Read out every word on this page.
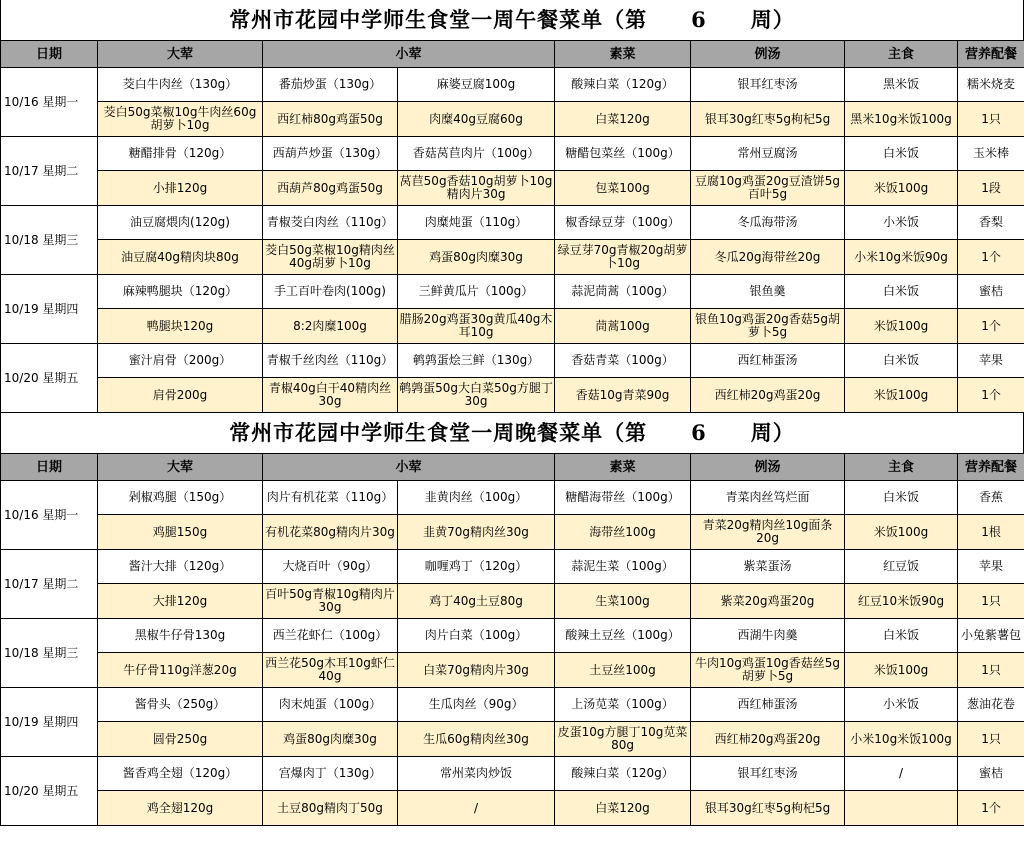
常州市花园中学师生食堂一周午餐菜单（第　　6　　周）
日期	大荤	小荤		素菜	例汤	主食	营养配餐
10/16 星期一	茭白牛肉丝（130g）	番茄炒蛋（130g）	麻婆豆腐100g	酸辣白菜（120g）	银耳红枣汤	黑米饭	糯米烧麦
	茭白50g菜椒10g牛肉丝60g胡萝卜10g	西红柿80g鸡蛋50g	肉糜40g豆腐60g	白菜120g	银耳30g红枣5g枸杞5g	黑米10g米饭100g	1只
10/17 星期二	糖醋排骨（120g）	西葫芦炒蛋（130g）	香菇莴苣肉片（100g）	糖醋包菜丝（100g）	常州豆腐汤	白米饭	玉米棒
	小排120g	西葫芦80g鸡蛋50g	莴苣50g香菇10g胡萝卜10g精肉片30g	包菜100g	豆腐10g鸡蛋20g豆渣饼5g百叶5g	米饭100g	1段
10/18 星期三	油豆腐煨肉(120g)	青椒茭白肉丝（110g）	肉糜炖蛋（110g）	椒香绿豆芽（100g）	冬瓜海带汤	小米饭	香梨
	油豆腐40g精肉块80g	茭白50g菜椒10g精肉丝40g胡萝卜10g	鸡蛋80g肉糜30g	绿豆芽70g青椒20g胡萝卜10g	冬瓜20g海带丝20g	小米10g米饭90g	1个
10/19 星期四	麻辣鸭腿块（120g）	手工百叶卷肉(100g)	三鲜黄瓜片（100g）	蒜泥茼蒿（100g）	银鱼羹	白米饭	蜜桔
	鸭腿块120g	8:2肉糜100g	腊肠20g鸡蛋30g黄瓜40g木耳10g	茼蒿100g	银鱼10g鸡蛋20g香菇5g胡萝卜5g	米饭100g	1个
10/20 星期五	蜜汁肩骨（200g）	青椒千丝肉丝（110g）	鹌鹑蛋烩三鲜（130g）	香菇青菜（100g）	西红柿蛋汤	白米饭	苹果
	肩骨200g	青椒40g白干40精肉丝30g	鹌鹑蛋50g大白菜50g方腿丁30g	香菇10g青菜90g	西红柿20g鸡蛋20g	米饭100g	1个
常州市花园中学师生食堂一周晚餐菜单（第　　6　　周）
日期	大荤	小荤		素菜	例汤	主食	营养配餐
10/16 星期一	剁椒鸡腿（150g）	肉片有机花菜（110g）	韭黄肉丝（100g）	糖醋海带丝（100g）	青菜肉丝笃烂面	白米饭	香蕉
	鸡腿150g	有机花菜80g精肉片30g	韭黄70g精肉丝30g	海带丝100g	青菜20g精肉丝10g面条20g	米饭100g	1根
10/17 星期二	酱汁大排（120g）	大烧百叶（90g）	咖喱鸡丁（120g）	蒜泥生菜（100g）	紫菜蛋汤	红豆饭	苹果
	大排120g	百叶50g青椒10g精肉片30g	鸡丁40g土豆80g	生菜100g	紫菜20g鸡蛋20g	红豆10米饭90g	1只
10/18 星期三	黑椒牛仔骨130g	西兰花虾仁（100g）	肉片白菜（100g）	酸辣土豆丝（100g）	西湖牛肉羹	白米饭	小兔紫薯包
	牛仔骨110g洋葱20g	西兰花50g木耳10g虾仁40g	白菜70g精肉片30g	土豆丝100g	牛肉10g鸡蛋10g香菇丝5g胡萝卜5g	米饭100g	1只
10/19 星期四	酱骨头（250g）	肉末炖蛋（100g）	生瓜肉丝（90g）	上汤苋菜（100g）	西红柿蛋汤	小米饭	葱油花卷
	圆骨250g	鸡蛋80g肉糜30g	生瓜60g精肉丝30g	皮蛋10g方腿丁10g苋菜80g	西红柿20g鸡蛋20g	小米10g米饭100g	1只
10/20 星期五	酱香鸡全翅（120g）	宫爆肉丁（130g）	常州菜肉炒饭	酸辣白菜（120g）	银耳红枣汤	/	蜜桔
	鸡全翅120g	土豆80g精肉丁50g	/	白菜120g	银耳30g红枣5g枸杞5g		1个
